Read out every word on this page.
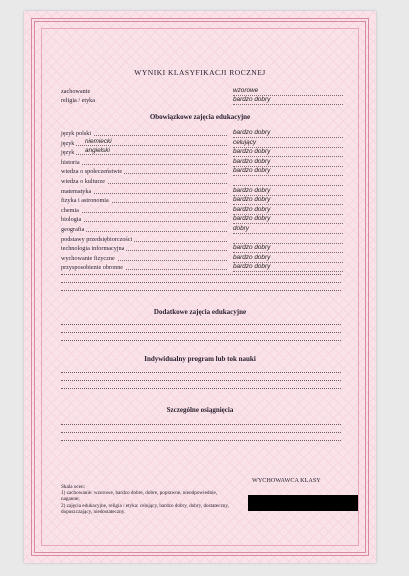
WYNIKI KLASYFIKACJI ROCZNEJ
zachowanie	wzorowe
religia / etyka	bardzo dobry
Obowiązkowe zajęcia edukacyjne
język polski	bardzo dobry
język	niemiecki	celujący
język	angielski	bardzo dobry
historia	bardzo dobry
wiedza o społeczeństwie	bardzo dobry
wiedza o kulturze
matematyka	bardzo dobry
fizyka i astronomia	bardzo dobry
chemia	bardzo dobry
biologia	bardzo dobry
geografia	dobry
podstawy przedsiębiorczości
technologia informacyjna	bardzo dobry
wychowanie fizyczne	bardzo dobry
przysposobienie obronne	bardzo dobry
Dodatkowe zajęcia edukacyjne
Indywidualny program lub tok nauki
Szczególne osiągnięcia
WYCHOWAWCA KLASY
Skala ocen:
1) zachowanie: wzorowe, bardzo dobre, dobre, poprawne, nieodpowiednie, naganne;
2) zajęcia edukacyjne, religia / etyka: celujący, bardzo dobry, dobry, dostateczny, dopuszczający, niedostateczny.
